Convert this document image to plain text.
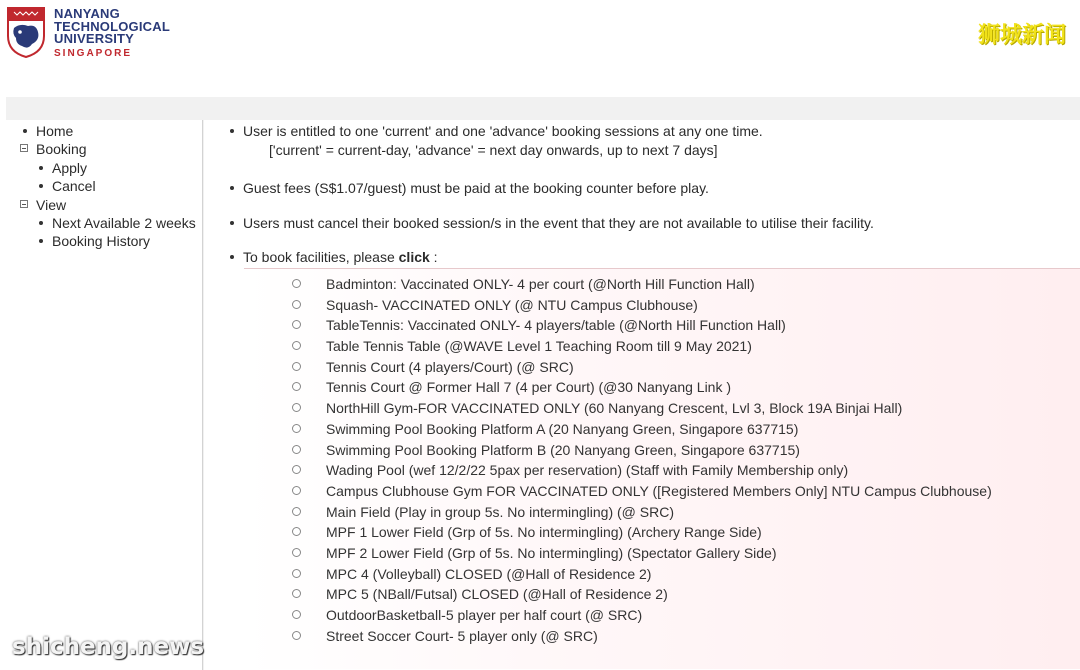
NANYANG
TECHNOLOGICAL
UNIVERSITY
SINGAPORE
狮城新闻
Home
Booking
Apply
Cancel
View
Next Available 2 weeks
Booking History
User is entitled to one 'current' and one 'advance' booking sessions at any one time.
['current' = current-day, 'advance' = next day onwards, up to next 7 days]
Guest fees (S$1.07/guest) must be paid at the booking counter before play.
Users must cancel their booked session/s in the event that they are not available to utilise their facility.
To book facilities, please click :
Badminton: Vaccinated ONLY- 4 per court (@North Hill Function Hall)
Squash- VACCINATED ONLY (@ NTU Campus Clubhouse)
TableTennis: Vaccinated ONLY- 4 players/table (@North Hill Function Hall)
Table Tennis Table (@WAVE Level 1 Teaching Room till 9 May 2021)
Tennis Court (4 players/Court) (@ SRC)
Tennis Court @ Former Hall 7 (4 per Court) (@30 Nanyang Link )
NorthHill Gym-FOR VACCINATED ONLY (60 Nanyang Crescent, Lvl 3, Block 19A Binjai Hall)
Swimming Pool Booking Platform A (20 Nanyang Green, Singapore 637715)
Swimming Pool Booking Platform B (20 Nanyang Green, Singapore 637715)
Wading Pool (wef 12/2/22 5pax per reservation) (Staff with Family Membership only)
Campus Clubhouse Gym FOR VACCINATED ONLY ([Registered Members Only] NTU Campus Clubhouse)
Main Field (Play in group 5s. No intermingling) (@ SRC)
MPF 1 Lower Field (Grp of 5s. No intermingling) (Archery Range Side)
MPF 2 Lower Field (Grp of 5s. No intermingling) (Spectator Gallery Side)
MPC 4 (Volleyball) CLOSED (@Hall of Residence 2)
MPC 5 (NBall/Futsal) CLOSED (@Hall of Residence 2)
OutdoorBasketball-5 player per half court (@ SRC)
Street Soccer Court- 5 player only (@ SRC)
shicheng.news
